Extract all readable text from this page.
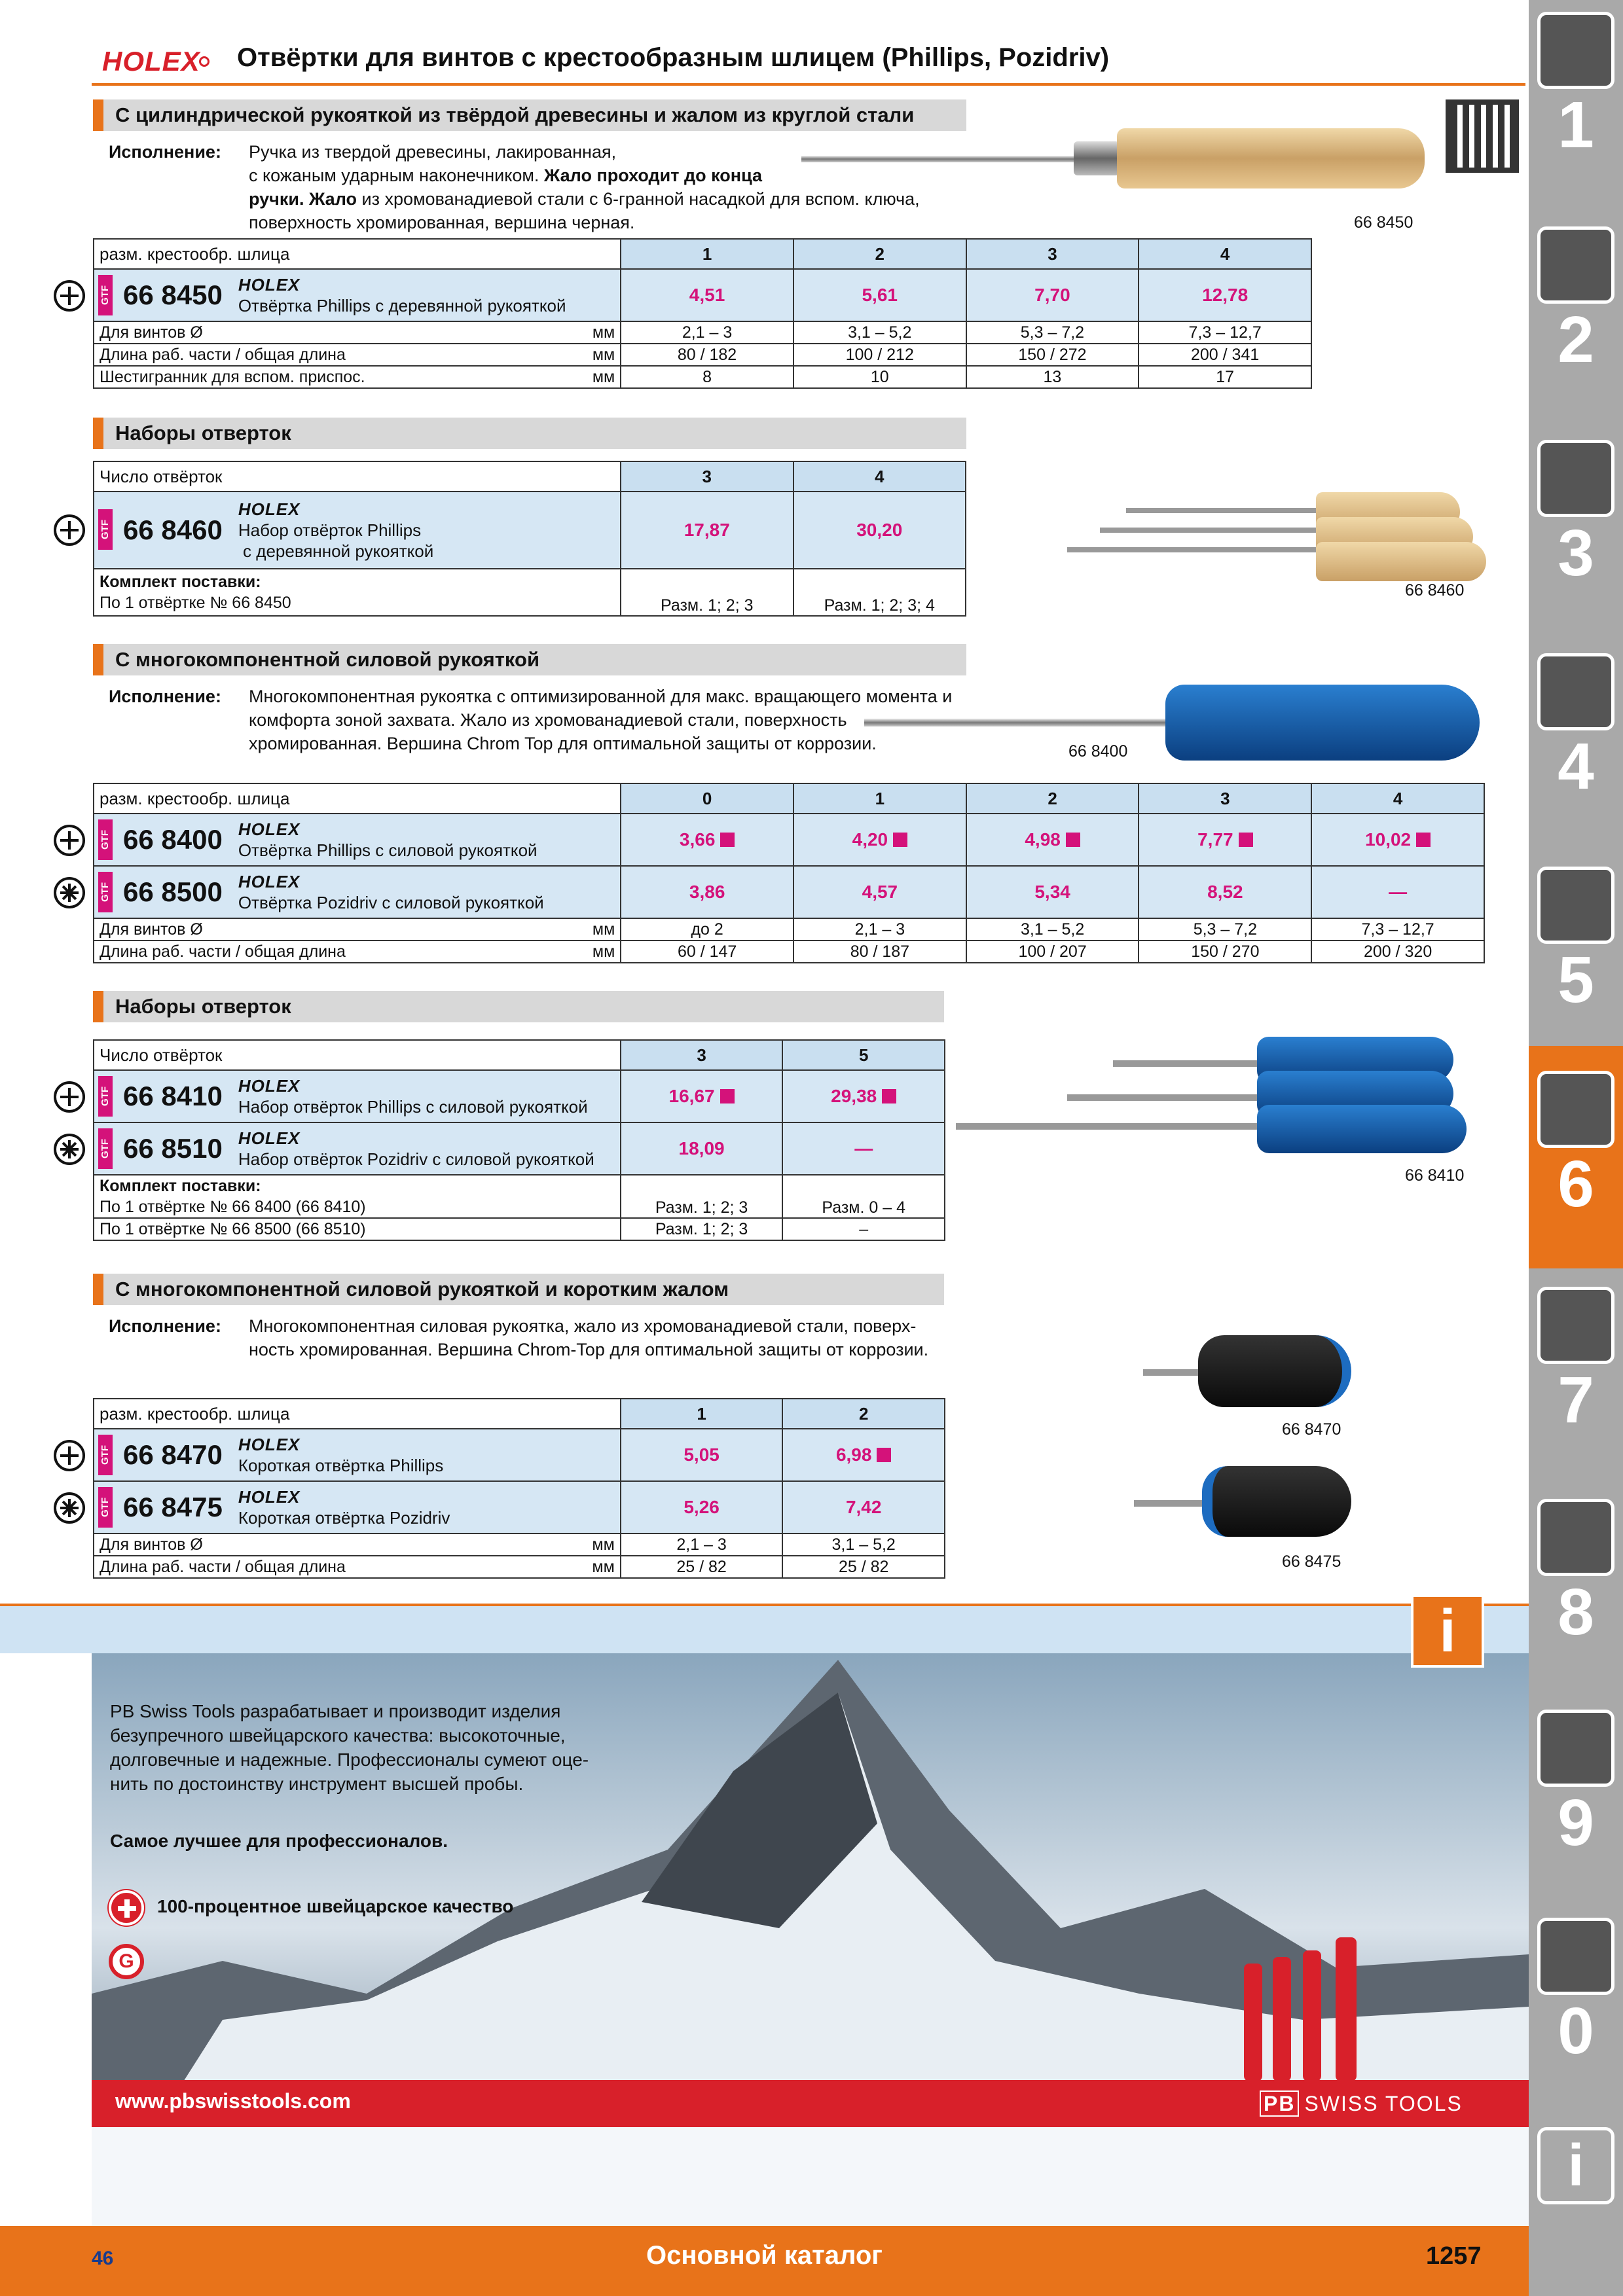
HOLEX Отвёртки для винтов с крестообразным шлицем (Phillips, Pozidriv)
С цилиндрической рукояткой из твёрдой древесины и жалом из круглой стали
Исполнение: Ручка из твердой древесины, лакированная,
с кожаным ударным наконечником. Жало проходит до конца
ручки. Жало из хромованадиевой стали с 6-гранной насадкой для вспом. ключа,
поверхность хромированная, вершина черная.	66 8450
разм. крестообр. шлица	1	2	3	4

GTF 66 8450 HOLEX
Отвёртка Phillips с деревянной рукояткой	4,51	5,61	7,70	12,78
Для винтов Ø мм	2,1 – 3	3,1 – 5,2	5,3 – 7,2	7,3 – 12,7
Длина раб. части / общая длина мм	80 / 182	100 / 212	150 / 272	200 / 341
Шестигранник для вспом. приспос. мм	8	10	13	17
Наборы отверток
Число отвёрток	3	4

GTF 66 8460
HOLEX
Набор отвёрток Phillips
с деревянной рукояткой	17,87	30,20

Комплект поставки:
По 1 отвёртке № 66 8450	Разм. 1; 2; 3	Разм. 1; 2; 3; 4
66 8460
С многокомпонентной силовой рукояткой
Исполнение: Многокомпонентная рукоятка с оптимизированной для макс. вращающего момента и
комфорта зоной захвата. Жало из хромованадиевой стали, поверхность
хромированная. Вершина Chrom Top для оптимальной защиты от коррозии.	66 8400
разм. крестообр. шлица	0	1	2	3	4

GTF 66 8400 HOLEX
Отвёртка Phillips с силовой рукояткой	3,66	4,20	4,98	7,77	10,02

GTF 66 8500 HOLEX
Отвёртка Pozidriv с силовой рукояткой	3,86	4,57	5,34	8,52	—
Для винтов Ø мм	до 2	2,1 – 3	3,1 – 5,2	5,3 – 7,2	7,3 – 12,7
Длина раб. части / общая длина мм	60 / 147	80 / 187	100 / 207	150 / 270	200 / 320
Наборы отверток
Число отвёрток	3	5

GTF 66 8410 HOLEX
Набор отвёрток Phillips с силовой рукояткой	16,67	29,38

GTF 66 8510 HOLEX
Набор отвёрток Pozidriv с силовой рукояткой	18,09	—

Комплект поставки:
По 1 отвёртке № 66 8400 (66 8410)	Разм. 1; 2; 3	Разм. 0 – 4
По 1 отвёртке № 66 8500 (66 8510)	Разм. 1; 2; 3	–
66 8410
С многокомпонентной силовой рукояткой и коротким жалом
Исполнение: Многокомпонентная силовая рукоятка, жало из хромованадиевой стали, поверх-
ность хромированная. Вершина Chrom-Top для оптимальной защиты от коррозии.
66 8470
66 8475
разм. крестообр. шлица	1	2

GTF 66 8470 HOLEX
Короткая отвёртка Phillips	5,05	6,98

GTF 66 8475 HOLEX
Короткая отвёртка Pozidriv	5,26	7,42
Для винтов Ø мм	2,1 – 3	3,1 – 5,2
Длина раб. части / общая длина мм	25 / 82	25 / 82
PB Swiss Tools разрабатывает и производит изделия
безупречного швейцарского качества: высокоточные,
долговечные и надежные. Профессионалы сумеют оце-
нить по достоинству инструмент высшей пробы.
Самое лучшее для профессионалов.
100-процентное швейцарское качество
G
www.pbswisstools.com	PB SWISS TOOLS
i
1
2
3
4
5
6
7
8
9
0
i
46	Основной каталог	1257
